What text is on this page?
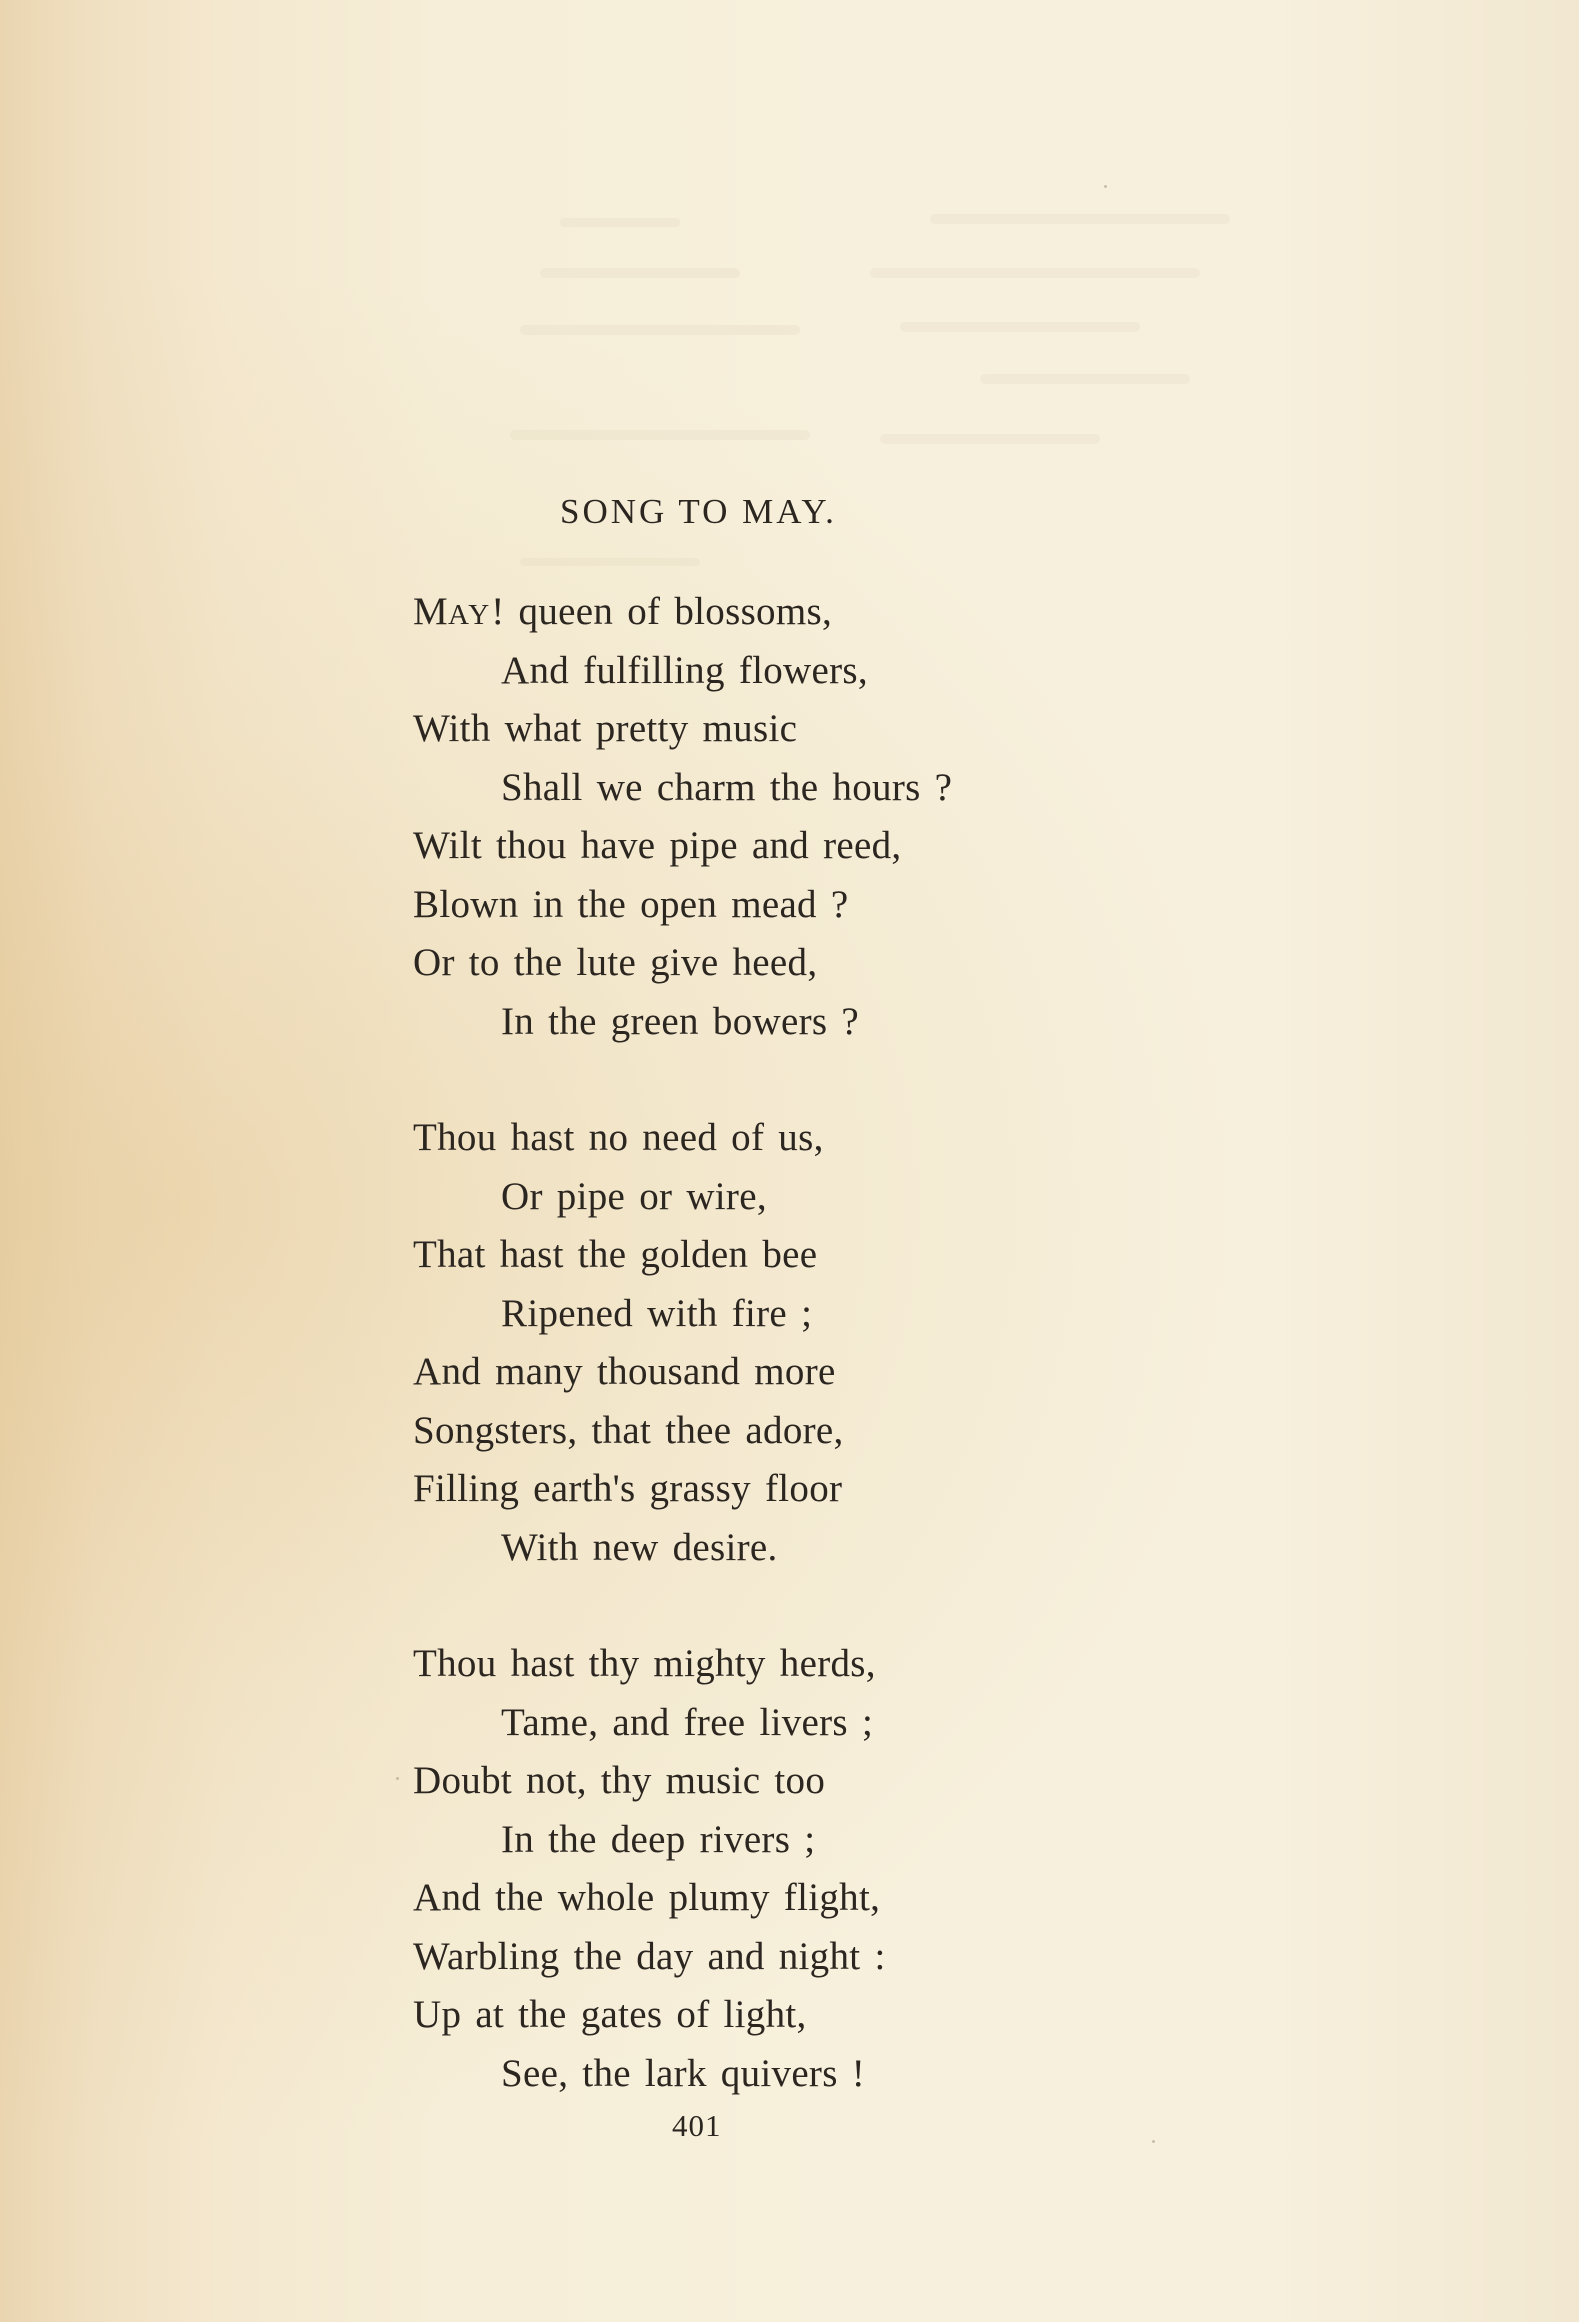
SONG TO MAY.
MAY! queen of blossoms,
And fulfilling flowers,
With what pretty music
Shall we charm the hours ?
Wilt thou have pipe and reed,
Blown in the open mead ?
Or to the lute give heed,
In the green bowers ?
Thou hast no need of us,
Or pipe or wire,
That hast the golden bee
Ripened with fire ;
And many thousand more
Songsters, that thee adore,
Filling earth's grassy floor
With new desire.
Thou hast thy mighty herds,
Tame, and free livers ;
Doubt not, thy music too
In the deep rivers ;
And the whole plumy flight,
Warbling the day and night :
Up at the gates of light,
See, the lark quivers !
401
